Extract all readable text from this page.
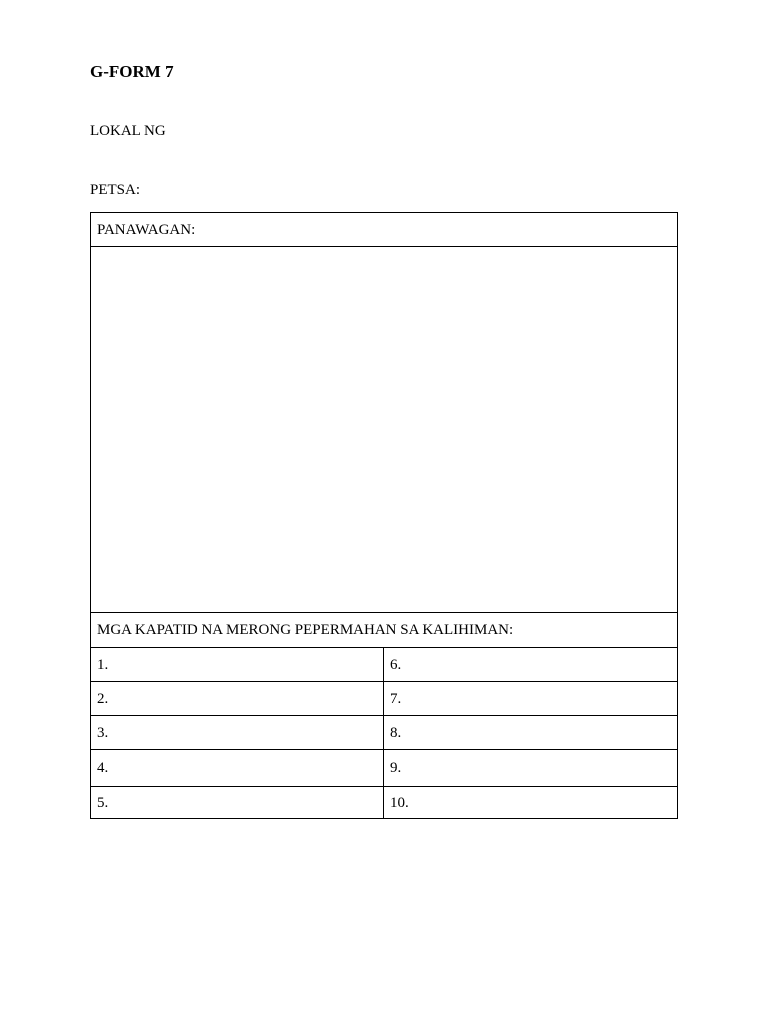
G-FORM 7
LOKAL NG
PETSA:
PANAWAGAN:	

MGA KAPATID NA MERONG PEPERMAHAN SA KALIHIMAN:	
1.	6.
2.	7.
3.	8.
4.	9.
5.	10.
